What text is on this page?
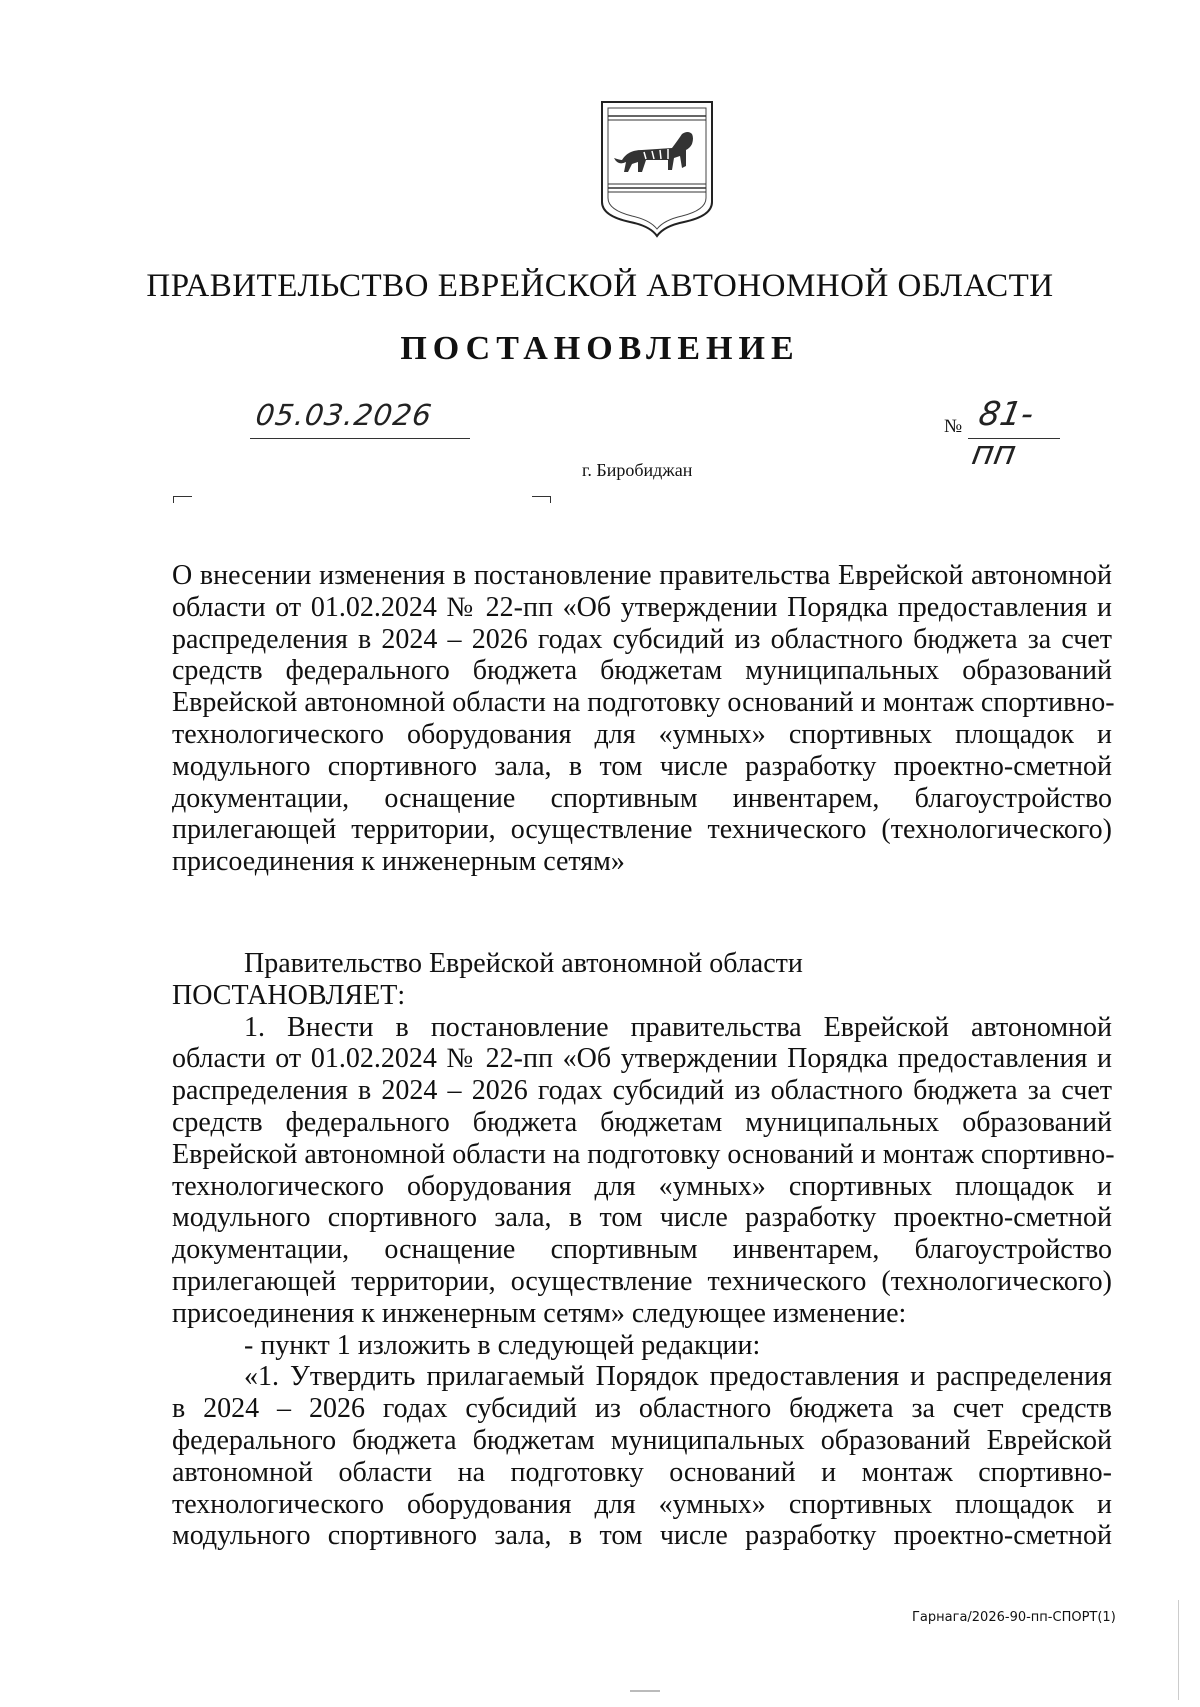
ПРАВИТЕЛЬСТВО ЕВРЕЙСКОЙ АВТОНОМНОЙ ОБЛАСТИ
ПОСТАНОВЛЕНИЕ
05.03.2026	№ 81-пп
г. Биробиджан
О внесении изменения в постановление правительства Еврейской автономной
области от 01.02.2024 № 22-пп «Об утверждении Порядка предоставления и
распределения в 2024 – 2026 годах субсидий из областного бюджета за счет
средств федерального бюджета бюджетам муниципальных образований
Еврейской автономной области на подготовку оснований и монтаж спортивно-
технологического оборудования для «умных» спортивных площадок и
модульного спортивного зала, в том числе разработку проектно-сметной
документации, оснащение спортивным инвентарем, благоустройство
прилегающей территории, осуществление технического (технологического)
присоединения к инженерным сетям»
Правительство Еврейской автономной области
ПОСТАНОВЛЯЕТ:
1. Внести в постановление правительства Еврейской автономной
области от 01.02.2024 № 22-пп «Об утверждении Порядка предоставления и
распределения в 2024 – 2026 годах субсидий из областного бюджета за счет
средств федерального бюджета бюджетам муниципальных образований
Еврейской автономной области на подготовку оснований и монтаж спортивно-
технологического оборудования для «умных» спортивных площадок и
модульного спортивного зала, в том числе разработку проектно-сметной
документации, оснащение спортивным инвентарем, благоустройство
прилегающей территории, осуществление технического (технологического)
присоединения к инженерным сетям» следующее изменение:
- пункт 1 изложить в следующей редакции:
«1. Утвердить прилагаемый Порядок предоставления и распределения
в 2024 – 2026 годах субсидий из областного бюджета за счет средств
федерального бюджета бюджетам муниципальных образований Еврейской
автономной области на подготовку оснований и монтаж спортивно-
технологического оборудования для «умных» спортивных площадок и
модульного спортивного зала, в том числе разработку проектно-сметной
Гарнага/2026-90-пп-СПОРТ(1)
